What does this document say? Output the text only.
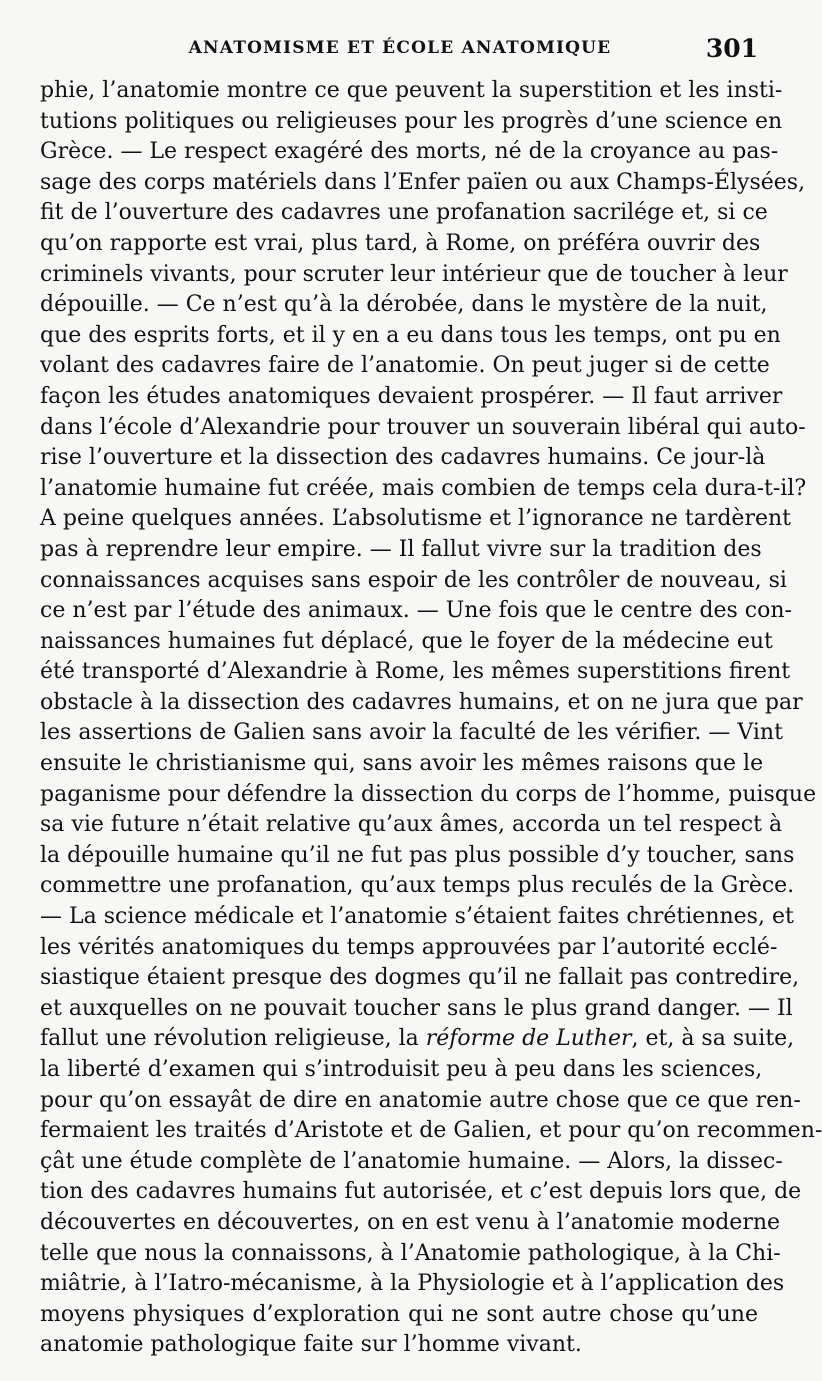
ANATOMISME ET ÉCOLE ANATOMIQUE	301
phie, l’anatomie montre ce que peuvent la superstition et les insti-
tutions politiques ou religieuses pour les progrès d’une science en
Grèce. — Le respect exagéré des morts, né de la croyance au pas-
sage des corps matériels dans l’Enfer païen ou aux Champs-Élysées,
fit de l’ouverture des cadavres une profanation sacrilége et, si ce
qu’on rapporte est vrai, plus tard, à Rome, on préféra ouvrir des
criminels vivants, pour scruter leur intérieur que de toucher à leur
dépouille. — Ce n’est qu’à la dérobée, dans le mystère de la nuit,
que des esprits forts, et il y en a eu dans tous les temps, ont pu en
volant des cadavres faire de l’anatomie. On peut juger si de cette
façon les études anatomiques devaient prospérer. — Il faut arriver
dans l’école d’Alexandrie pour trouver un souverain libéral qui auto-
rise l’ouverture et la dissection des cadavres humains. Ce jour-là
l’anatomie humaine fut créée, mais combien de temps cela dura-t-il?
A peine quelques années. L’absolutisme et l’ignorance ne tardèrent
pas à reprendre leur empire. — Il fallut vivre sur la tradition des
connaissances acquises sans espoir de les contrôler de nouveau, si
ce n’est par l’étude des animaux. — Une fois que le centre des con-
naissances humaines fut déplacé, que le foyer de la médecine eut
été transporté d’Alexandrie à Rome, les mêmes superstitions firent
obstacle à la dissection des cadavres humains, et on ne jura que par
les assertions de Galien sans avoir la faculté de les vérifier. — Vint
ensuite le christianisme qui, sans avoir les mêmes raisons que le
paganisme pour défendre la dissection du corps de l’homme, puisque
sa vie future n’était relative qu’aux âmes, accorda un tel respect à
la dépouille humaine qu’il ne fut pas plus possible d’y toucher, sans
commettre une profanation, qu’aux temps plus reculés de la Grèce.
— La science médicale et l’anatomie s’étaient faites chrétiennes, et
les vérités anatomiques du temps approuvées par l’autorité ecclé-
siastique étaient presque des dogmes qu’il ne fallait pas contredire,
et auxquelles on ne pouvait toucher sans le plus grand danger. — Il
fallut une révolution religieuse, la réforme de Luther, et, à sa suite,
la liberté d’examen qui s’introduisit peu à peu dans les sciences,
pour qu’on essayât de dire en anatomie autre chose que ce que ren-
fermaient les traités d’Aristote et de Galien, et pour qu’on recommen-
çât une étude complète de l’anatomie humaine. — Alors, la dissec-
tion des cadavres humains fut autorisée, et c’est depuis lors que, de
découvertes en découvertes, on en est venu à l’anatomie moderne
telle que nous la connaissons, à l’Anatomie pathologique, à la Chi-
miâtrie, à l’Iatro-mécanisme, à la Physiologie et à l’application des
moyens physiques d’exploration qui ne sont autre chose qu’une
anatomie pathologique faite sur l’homme vivant.
